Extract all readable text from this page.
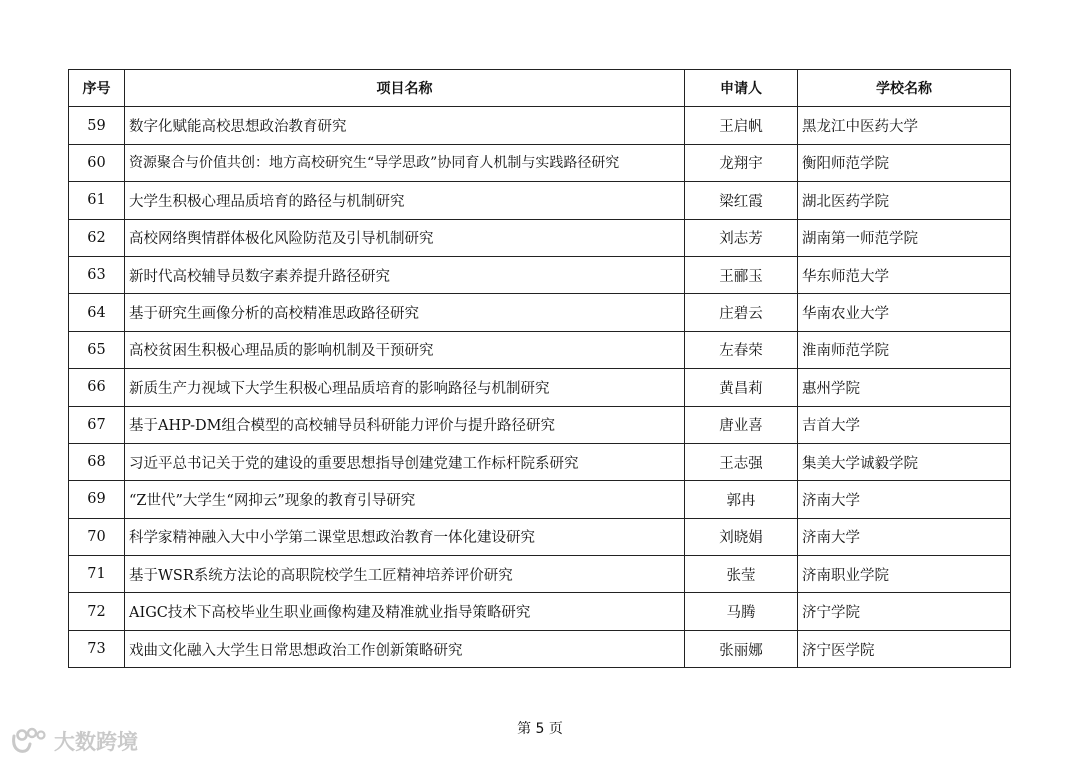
序号	项目名称	申请人	学校名称
59	数字化赋能高校思想政治教育研究	王启帆	黑龙江中医药大学
60	资源聚合与价值共创：地方高校研究生“导学思政”协同育人机制与实践路径研究	龙翔宇	衡阳师范学院
61	大学生积极心理品质培育的路径与机制研究	梁红霞	湖北医药学院
62	高校网络舆情群体极化风险防范及引导机制研究	刘志芳	湖南第一师范学院
63	新时代高校辅导员数字素养提升路径研究	王郦玉	华东师范大学
64	基于研究生画像分析的高校精准思政路径研究	庄碧云	华南农业大学
65	高校贫困生积极心理品质的影响机制及干预研究	左春荣	淮南师范学院
66	新质生产力视域下大学生积极心理品质培育的影响路径与机制研究	黄昌莉	惠州学院
67	基于AHP-DM组合模型的高校辅导员科研能力评价与提升路径研究	唐业喜	吉首大学
68	习近平总书记关于党的建设的重要思想指导创建党建工作标杆院系研究	王志强	集美大学诚毅学院
69	“Z世代”大学生“网抑云”现象的教育引导研究	郭冉	济南大学
70	科学家精神融入大中小学第二课堂思想政治教育一体化建设研究	刘晓娟	济南大学
71	基于WSR系统方法论的高职院校学生工匠精神培养评价研究	张莹	济南职业学院
72	AIGC技术下高校毕业生职业画像构建及精准就业指导策略研究	马腾	济宁学院
73	戏曲文化融入大学生日常思想政治工作创新策略研究	张丽娜	济宁医学院
第 5 页
大数跨境
